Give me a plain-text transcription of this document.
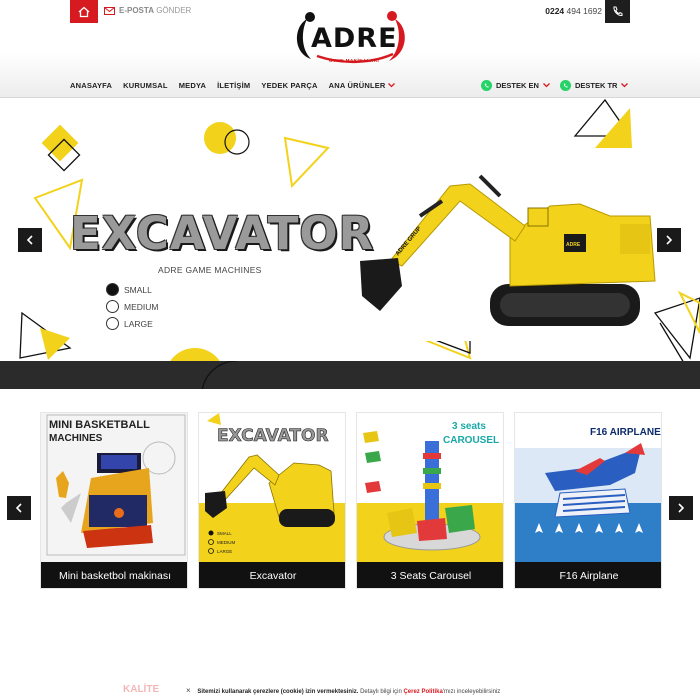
E-POSTA GÖNDER	0224 494 1692
ADRE
OYUN MAKİNALARI
ANASAYFA KURUMSAL MEDYA İLETİŞİM YEDEK PARÇA ANA ÜRÜNLER	DESTEK EN	DESTEK TR
ADRE
ADRE GRUP
EXCAVATOR
ADRE GAME MACHINES
SMALL
MEDIUM
LARGE
MINI BASKETBALL
MACHINES
Mini basketbol makinası
EXCAVATOR
SMALL
MEDIUM
LARGE
Excavator
3 seats
CAROUSEL
3 Seats Carousel
F16 AIRPLANE
F16 Airplane
KALİTE	× Sitemizi kullanarak çerezlere (cookie) izin vermektesiniz. Detaylı bilgi için Çerez Politika'mızı inceleyebilirsiniz
